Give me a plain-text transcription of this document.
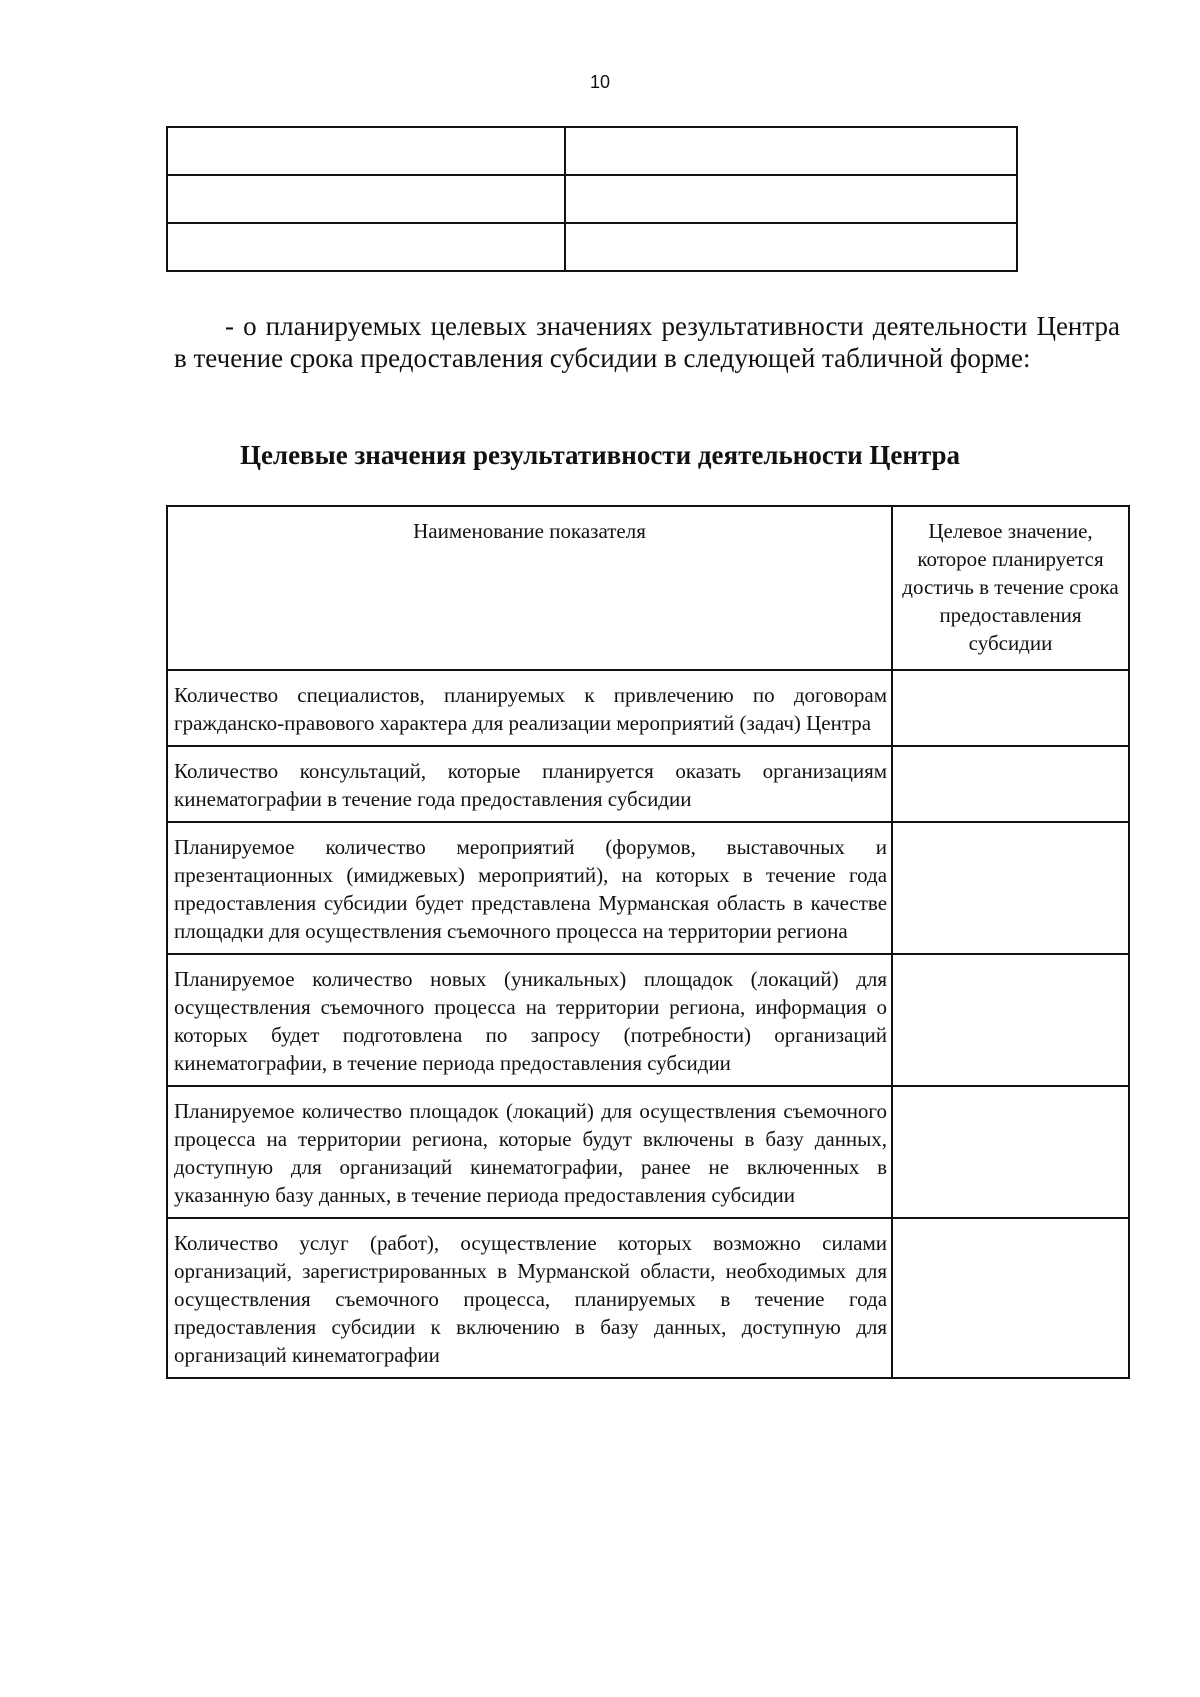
10

- о планируемых целевых значениях результативности деятельности Центра в течение срока предоставления субсидии в следующей табличной форме:

Целевые значения результативности деятельности Центра
Наименование показателя	Целевое значение, которое планируется достичь в течение срока предоставления субсидии
Количество специалистов, планируемых к привлечению по договорам гражданско-правового характера для реализации мероприятий (задач) Центра	
Количество консультаций, которые планируется оказать организациям кинематографии в течение года предоставления субсидии	
Планируемое количество мероприятий (форумов, выставочных и презентационных (имиджевых) мероприятий), на которых в течение года предоставления субсидии будет представлена Мурманская область в качестве площадки для осуществления съемочного процесса на территории региона	
Планируемое количество новых (уникальных) площадок (локаций) для осуществления съемочного процесса на территории региона, информация о которых будет подготовлена по запросу (потребности) организаций кинематографии, в течение периода предоставления субсидии	
Планируемое количество площадок (локаций) для осуществления съемочного процесса на территории региона, которые будут включены в базу данных, доступную для организаций кинематографии, ранее не включенных в указанную базу данных, в течение периода предоставления субсидии	
Количество услуг (работ), осуществление которых возможно силами организаций, зарегистрированных в Мурманской области, необходимых для осуществления съемочного процесса, планируемых в течение года предоставления субсидии к включению в базу данных, доступную для организаций кинематографии	
